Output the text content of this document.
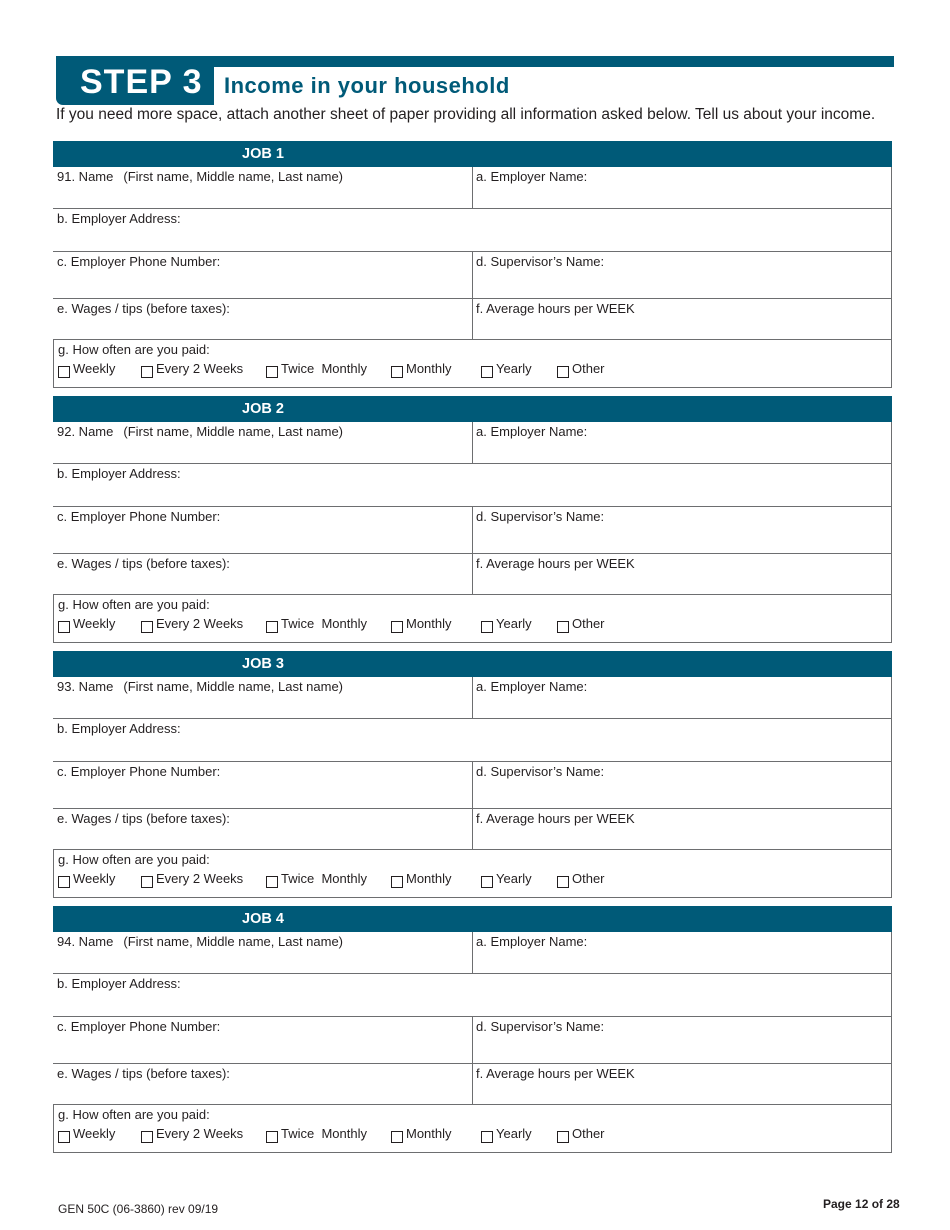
STEP 3 Income in your household
If you need more space, attach another sheet of paper providing all information asked below. Tell us about your income.
JOB 1
91. Name (First name, Middle name, Last name)	a. Employer Name:
b. Employer Address:
c. Employer Phone Number:	d. Supervisor’s Name:
e. Wages / tips (before taxes):	f. Average hours per WEEK
g. How often are you paid:
Weekly	Every 2 Weeks	Twice  Monthly	Monthly	Yearly	Other
JOB 2
92. Name (First name, Middle name, Last name)	a. Employer Name:
b. Employer Address:
c. Employer Phone Number:	d. Supervisor’s Name:
e. Wages / tips (before taxes):	f. Average hours per WEEK
g. How often are you paid:
Weekly	Every 2 Weeks	Twice  Monthly	Monthly	Yearly	Other
JOB 3
93. Name (First name, Middle name, Last name)	a. Employer Name:
b. Employer Address:
c. Employer Phone Number:	d. Supervisor’s Name:
e. Wages / tips (before taxes):	f. Average hours per WEEK
g. How often are you paid:
Weekly	Every 2 Weeks	Twice  Monthly	Monthly	Yearly	Other
JOB 4
94. Name (First name, Middle name, Last name)	a. Employer Name:
b. Employer Address:
c. Employer Phone Number:	d. Supervisor’s Name:
e. Wages / tips (before taxes):	f. Average hours per WEEK
g. How often are you paid:
Weekly	Every 2 Weeks	Twice  Monthly	Monthly	Yearly	Other
GEN 50C (06-3860) rev 09/19	Page 12 of 28
